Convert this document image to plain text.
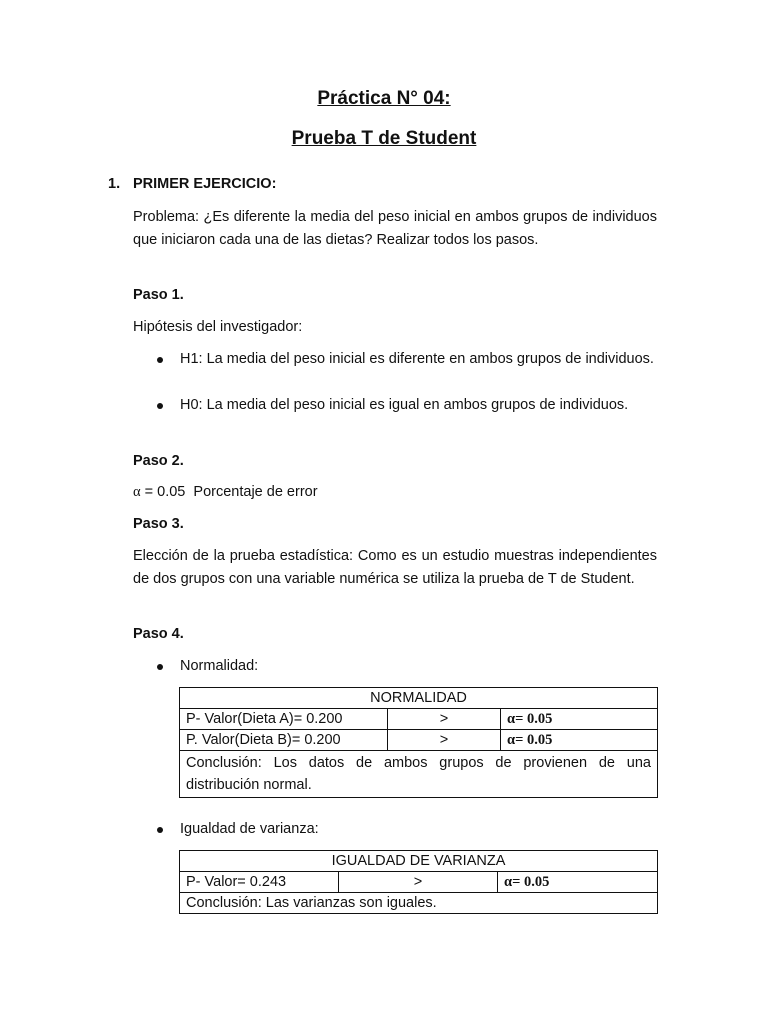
Práctica N° 04:
Prueba T de Student
1. PRIMER EJERCICIO:
Problema: ¿Es diferente la media del peso inicial en ambos grupos de individuos que iniciaron cada una de las dietas? Realizar todos los pasos.
Paso 1.
Hipótesis del investigador:
H1: La media del peso inicial es diferente en ambos grupos de individuos.
H0: La media del peso inicial es igual en ambos grupos de individuos.
Paso 2.
α = 0.05 Porcentaje de error
Paso 3.
Elección de la prueba estadística: Como es un estudio muestras independientes de dos grupos con una variable numérica se utiliza la prueba de T de Student.
Paso 4.
Normalidad:
NORMALIDAD		
P- Valor(Dieta A)= 0.200	>	α= 0.05
P. Valor(Dieta B)= 0.200	>	α= 0.05
Conclusión: Los datos de ambos grupos de provienen de una distribución normal.		
Igualdad de varianza:
IGUALDAD DE VARIANZA
P- Valor= 0.243	>	α= 0.05
Conclusión: Las varianzas son iguales.
